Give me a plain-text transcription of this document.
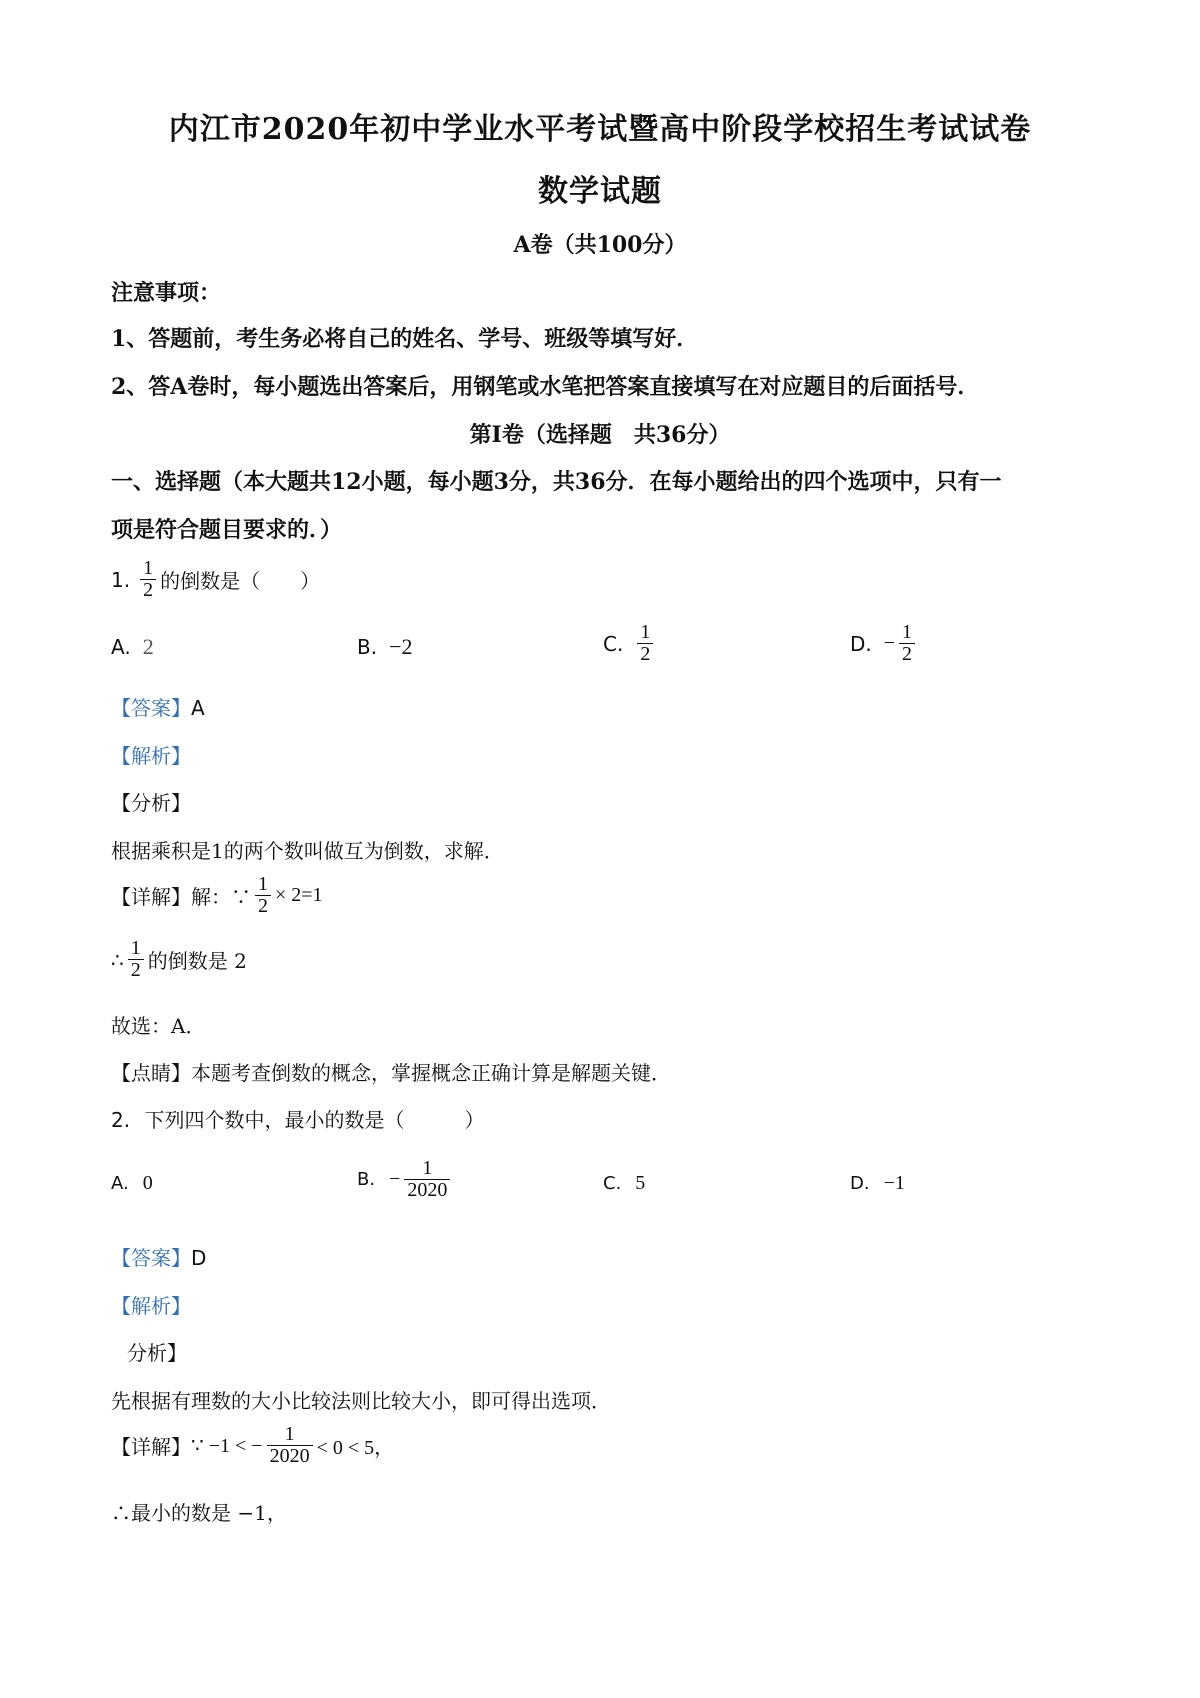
内江市2020年初中学业水平考试暨高中阶段学校招生考试试卷
数学试题
A卷（共100分）
注意事项：
1、答题前，考生务必将自己的姓名、学号、班级等填写好．
2、答A卷时，每小题选出答案后，用钢笔或水笔把答案直接填写在对应题目的后面括号．
第Ⅰ卷（选择题　共36分）
一、选择题（本大题共12小题，每小题3分，共36分．在每小题给出的四个选项中，只有一
项是符合题目要求的．）
1. $\frac{1}{2}$ 的倒数是（　　）
A. 2	B. −2	C. $\frac{1}{2}$	D. − $\frac{1}{2}$
【答案】A
【解析】
【分析】
根据乘积是1的两个数叫做互为倒数，求解．
【详解】 解：∵ $\frac{1}{2} \times 2=1$
∴ $\frac{1}{2}$ 的倒数是 2
故选：A．
【点睛】本题考查倒数的概念，掌握概念正确计算是解题关键．
2. 下列四个数中，最小的数是（　　　）
A. 0	B. − $\frac{1}{2020}$	C. 5	D. −1
【答案】D
【解析】
分析】
先根据有理数的大小比较法则比较大小，即可得出选项．
【详解】 ∵ −1 < − $\frac{1}{2020} < 0 < 5$，
∴最小的数是 −1，
